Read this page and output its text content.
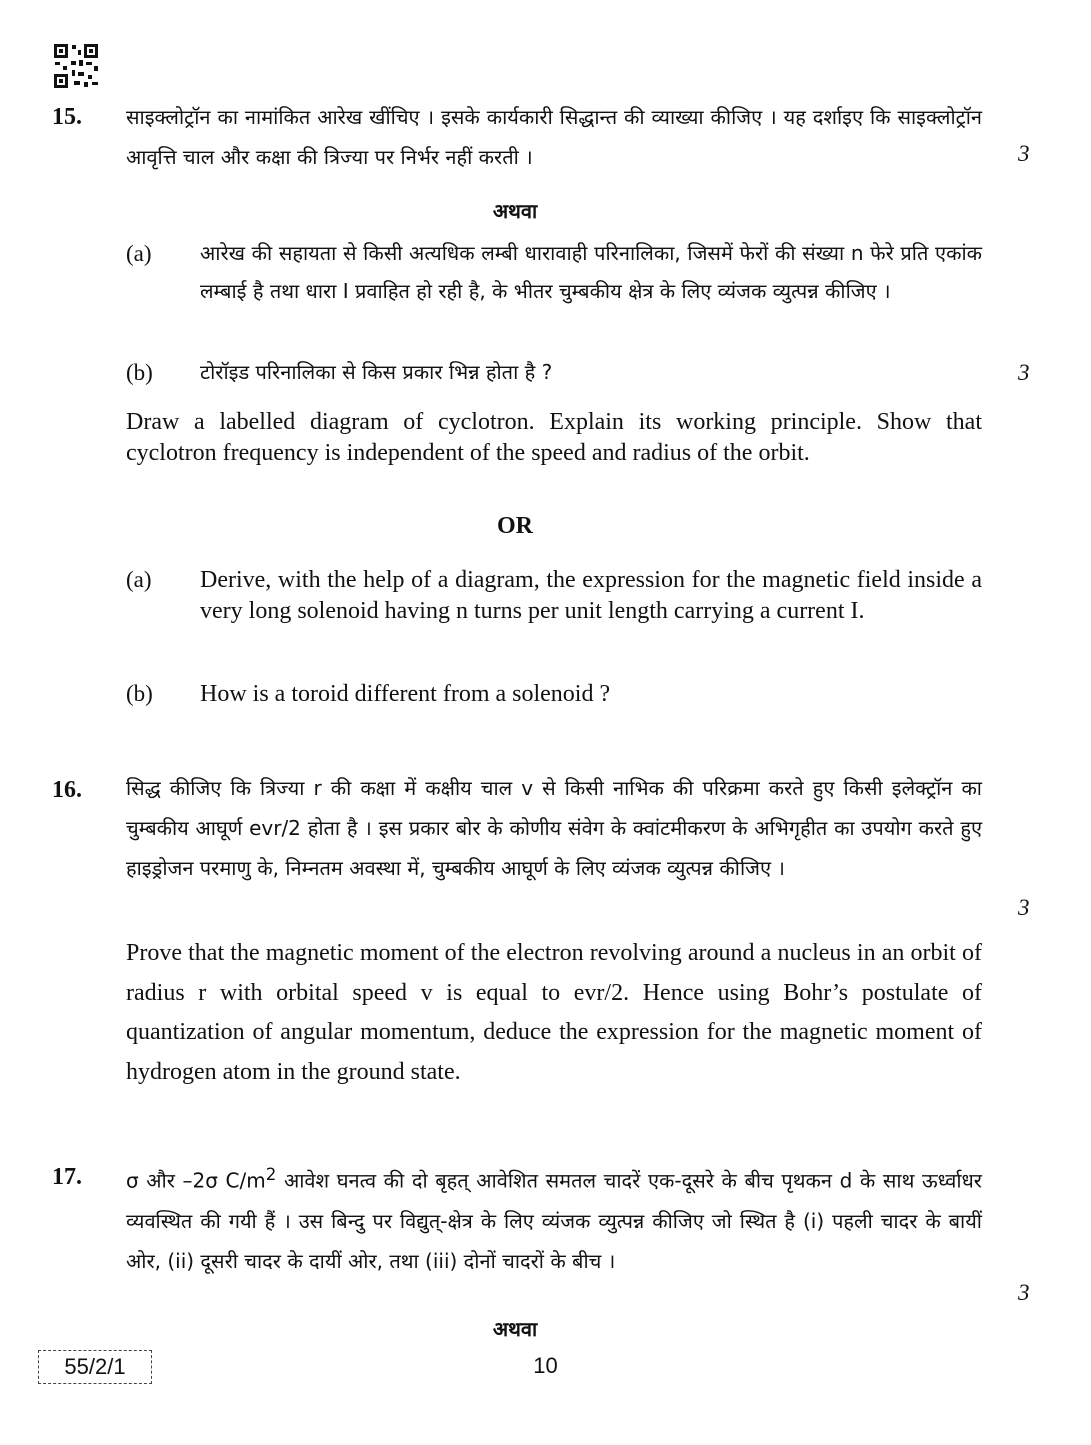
15. साइक्लोट्रॉन का नामांकित आरेख खींचिए । इसके कार्यकारी सिद्धान्त की व्याख्या कीजिए । यह दर्शाइए कि साइक्लोट्रॉन आवृत्ति चाल और कक्षा की त्रिज्या पर निर्भर नहीं करती ।	3
अथवा
(a) आरेख की सहायता से किसी अत्यधिक लम्बी धारावाही परिनालिका, जिसमें फेरों की संख्या n फेरे प्रति एकांक लम्बाई है तथा धारा I प्रवाहित हो रही है, के भीतर चुम्बकीय क्षेत्र के लिए व्यंजक व्युत्पन्न कीजिए ।
(b) टोरॉइड परिनालिका से किस प्रकार भिन्न होता है ?	3
Draw a labelled diagram of cyclotron. Explain its working principle. Show that cyclotron frequency is independent of the speed and radius of the orbit.
OR
(a) Derive, with the help of a diagram, the expression for the magnetic field inside a very long solenoid having n turns per unit length carrying a current I.
(b) How is a toroid different from a solenoid ?
16. सिद्ध कीजिए कि त्रिज्या r की कक्षा में कक्षीय चाल v से किसी नाभिक की परिक्रमा करते हुए किसी इलेक्ट्रॉन का चुम्बकीय आघूर्ण evr/2 होता है । इस प्रकार बोर के कोणीय संवेग के क्वांटमीकरण के अभिगृहीत का उपयोग करते हुए हाइड्रोजन परमाणु के, निम्नतम अवस्था में, चुम्बकीय आघूर्ण के लिए व्यंजक व्युत्पन्न कीजिए ।
3
Prove that the magnetic moment of the electron revolving around a nucleus in an orbit of radius r with orbital speed v is equal to evr/2. Hence using Bohr’s postulate of quantization of angular momentum, deduce the expression for the magnetic moment of hydrogen atom in the ground state.
17. σ और –2σ $C/m^2$ आवेश घनत्व की दो बृहत् आवेशित समतल चादरें एक-दूसरे के बीच पृथकन d के साथ ऊर्ध्वाधर व्यवस्थित की गयी हैं । उस बिन्दु पर विद्युत्-क्षेत्र के लिए व्यंजक व्युत्पन्न कीजिए जो स्थित है (i) पहली चादर के बायीं ओर, (ii) दूसरी चादर के दायीं ओर, तथा (iii) दोनों चादरों के बीच ।
3
अथवा
55/2/1	10
